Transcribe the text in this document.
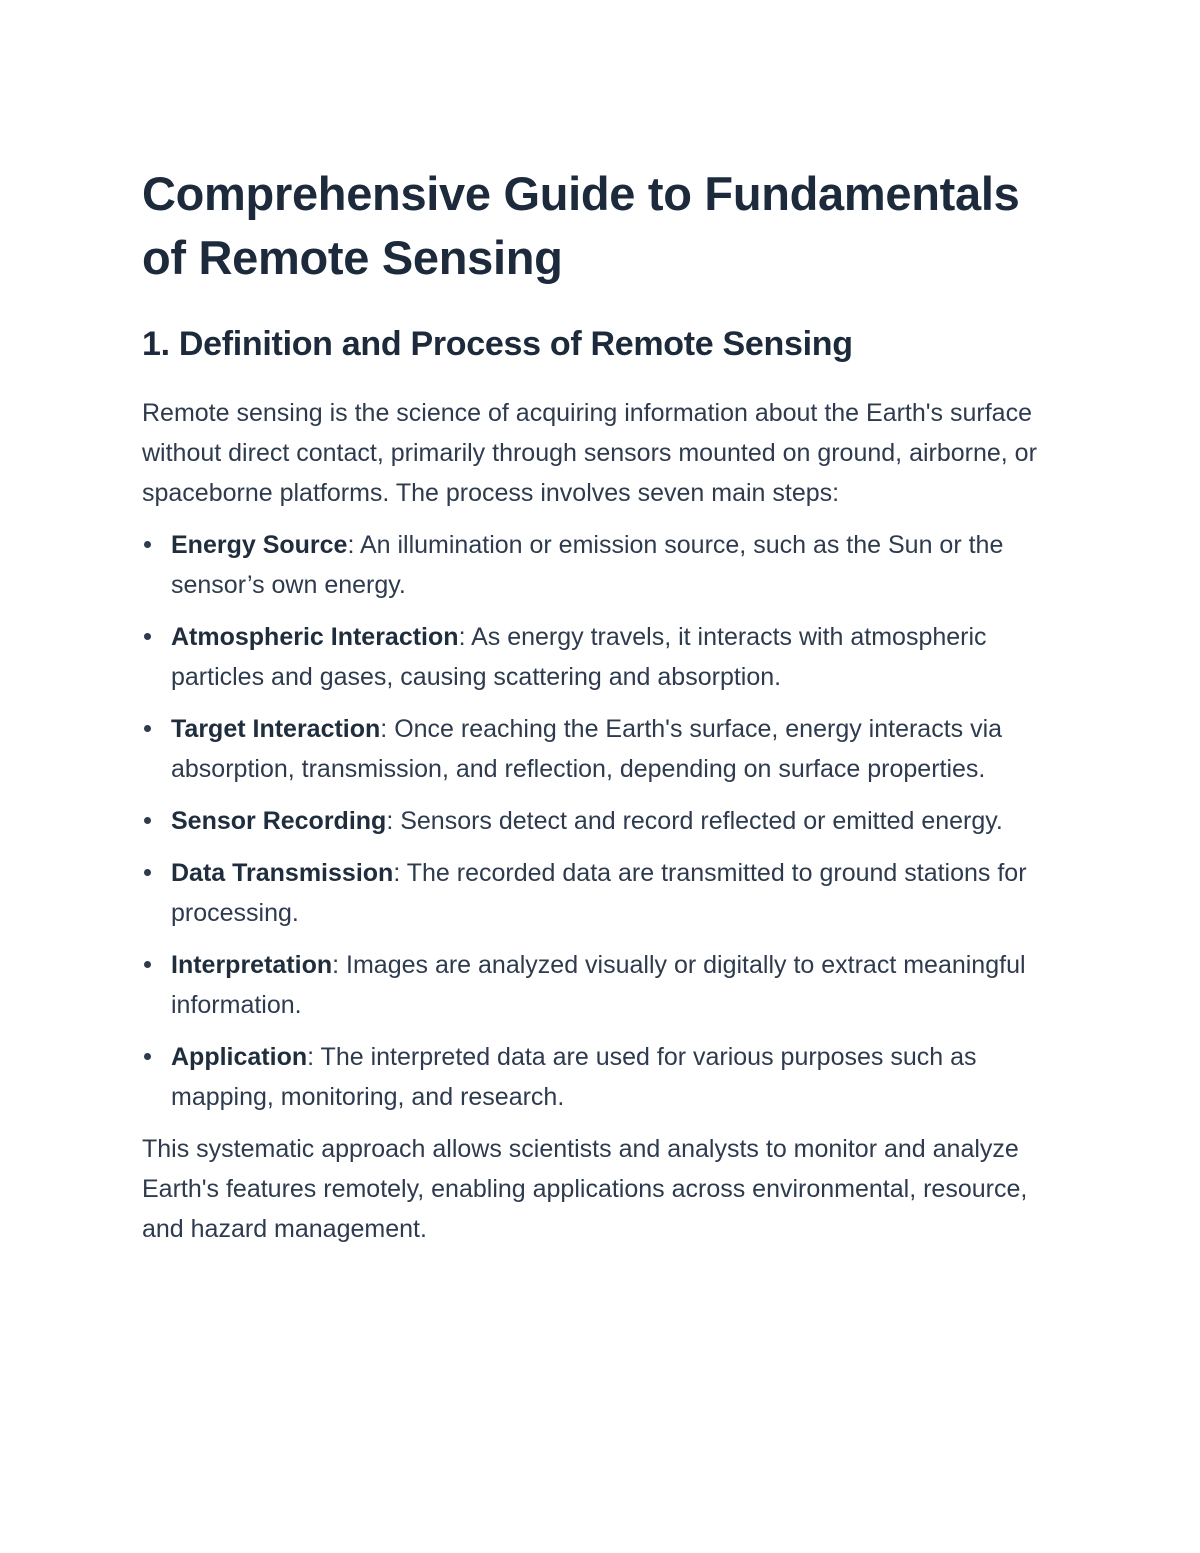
Comprehensive Guide to Fundamentals of Remote Sensing
1. Definition and Process of Remote Sensing

Remote sensing is the science of acquiring information about the Earth's surface without direct contact, primarily through sensors mounted on ground, airborne, or spaceborne platforms. The process involves seven main steps:

Energy Source: An illumination or emission source, such as the Sun or the sensor’s own energy.
Atmospheric Interaction: As energy travels, it interacts with atmospheric particles and gases, causing scattering and absorption.
Target Interaction: Once reaching the Earth's surface, energy interacts via absorption, transmission, and reflection, depending on surface properties.
Sensor Recording: Sensors detect and record reflected or emitted energy.
Data Transmission: The recorded data are transmitted to ground stations for processing.
Interpretation: Images are analyzed visually or digitally to extract meaningful information.
Application: The interpreted data are used for various purposes such as mapping, monitoring, and research.

This systematic approach allows scientists and analysts to monitor and analyze Earth's features remotely, enabling applications across environmental, resource, and hazard management.
